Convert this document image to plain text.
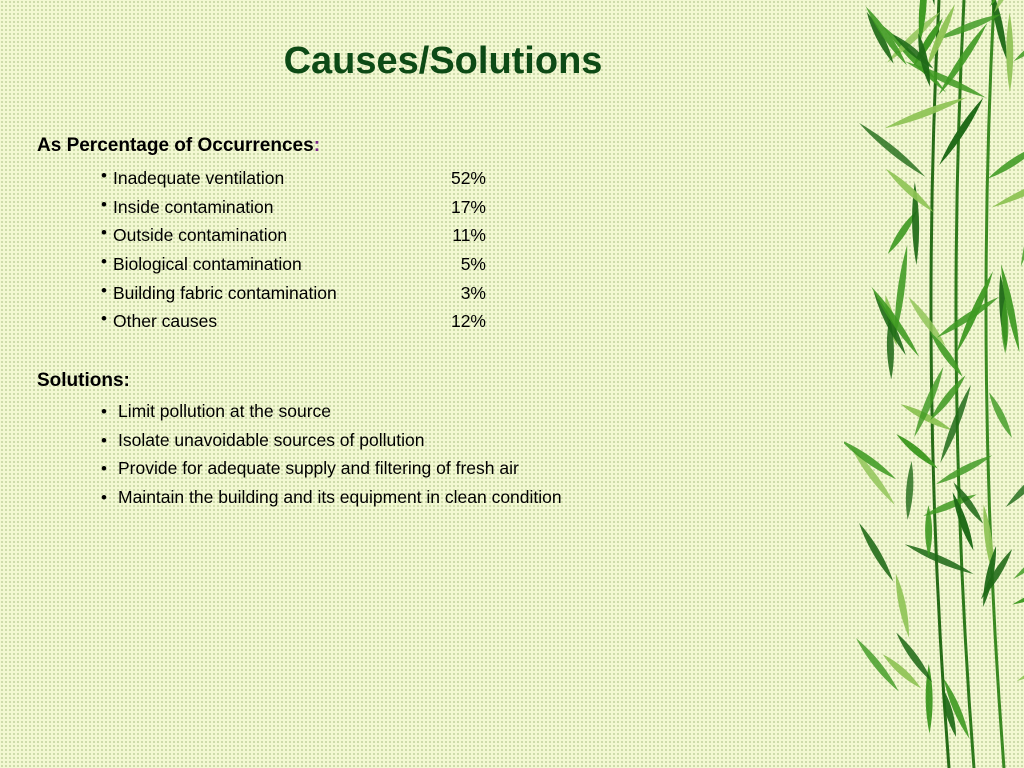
Causes/Solutions
As Percentage of Occurrences:
• Inadequate ventilation	52%
• Inside contamination	17%
• Outside contamination	11%
• Biological contamination	5%
• Building fabric contamination	3%
• Other causes	12%
Solutions:
• Limit pollution at the source
• Isolate unavoidable sources of pollution
• Provide for adequate supply and filtering of fresh air
• Maintain the building and its equipment in clean condition
